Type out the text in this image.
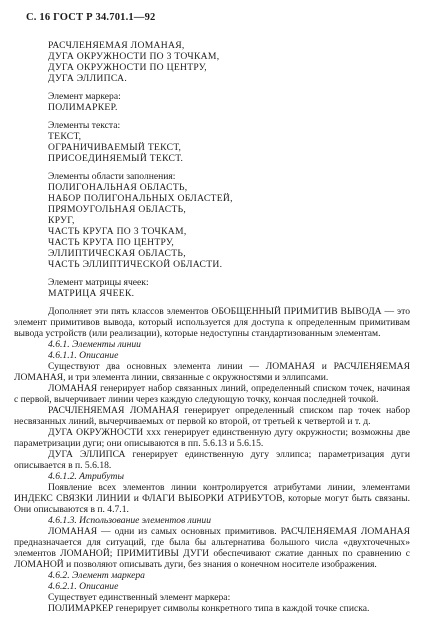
С. 16 ГОСТ Р 34.701.1—92
РАСЧЛЕНЯЕМАЯ ЛОМАНАЯ,
ДУГА ОКРУЖНОСТИ ПО 3 ТОЧКАМ,
ДУГА ОКРУЖНОСТИ ПО ЦЕНТРУ,
ДУГА ЭЛЛИПСА.
Элемент маркера:
ПОЛИМАРКЕР.
Элементы текста:
ТЕКСТ,
ОГРАНИЧИВАЕМЫЙ ТЕКСТ,
ПРИСОЕДИНЯЕМЫЙ ТЕКСТ.
Элементы области заполнения:
ПОЛИГОНАЛЬНАЯ ОБЛАСТЬ,
НАБОР ПОЛИГОНАЛЬНЫХ ОБЛАСТЕЙ,
ПРЯМОУГОЛЬНАЯ ОБЛАСТЬ,
КРУГ,
ЧАСТЬ КРУГА ПО 3 ТОЧКАМ,
ЧАСТЬ КРУГА ПО ЦЕНТРУ,
ЭЛЛИПТИЧЕСКАЯ ОБЛАСТЬ,
ЧАСТЬ ЭЛЛИПТИЧЕСКОЙ ОБЛАСТИ.
Элемент матрицы ячеек:
МАТРИЦА ЯЧЕЕК.

Дополняет эти пять классов элементов ОБОБЩЕННЫЙ ПРИМИТИВ ВЫВОДА — это элемент примитивов вывода, который используется для доступа к определенным примитивам вывода устройств (или реализации), которые недоступны стандартизованным элементам.

4.6.1. Элементы линии
4.6.1.1. Описание

Существуют два основных элемента линии — ЛОМАНАЯ и РАСЧЛЕНЯЕМАЯ ЛОМАНАЯ, и три элемента линии, связанные с окружностями и эллипсами.

ЛОМАНАЯ генерирует набор связанных линий, определенный списком точек, начиная с первой, вычерчивает линии через каждую следующую точку, кончая последней точкой.

РАСЧЛЕНЯЕМАЯ ЛОМАНАЯ генерирует определенный списком пар точек набор несвязанных линий, вычерчиваемых от первой ко второй, от третьей к четвертой и т. д.

ДУГА ОКРУЖНОСТИ ххх генерирует единственную дугу окружности; возможны две параметризации дуги; они описываются в пп. 5.6.13 и 5.6.15.

ДУГА ЭЛЛИПСА генерирует единственную дугу эллипса; параметризация дуги описывается в п. 5.6.18.

4.6.1.2. Атрибуты

Появление всех элементов линии контролируется атрибутами линии, элементами ИНДЕКС СВЯЗКИ ЛИНИИ и ФЛАГИ ВЫБОРКИ АТРИБУТОВ, которые могут быть связаны. Они описываются в п. 4.7.1.

4.6.1.3. Использование элементов линии

ЛОМАНАЯ — одни из самых основных примитивов. РАСЧЛЕНЯЕМАЯ ЛОМАНАЯ предназначается для ситуаций, где была бы альтернатива большого числа «двухточечных» элементов ЛОМАНОЙ; ПРИМИТИВЫ ДУГИ обеспечивают сжатие данных по сравнению с ЛОМАНОЙ и позволяют описывать дуги, без знания о конечном носителе изображения.

4.6.2. Элемент маркера
4.6.2.1. Описание

Существует единственный элемент маркера:

ПОЛИМАРКЕР генерирует символы конкретного типа в каждой точке списка.
